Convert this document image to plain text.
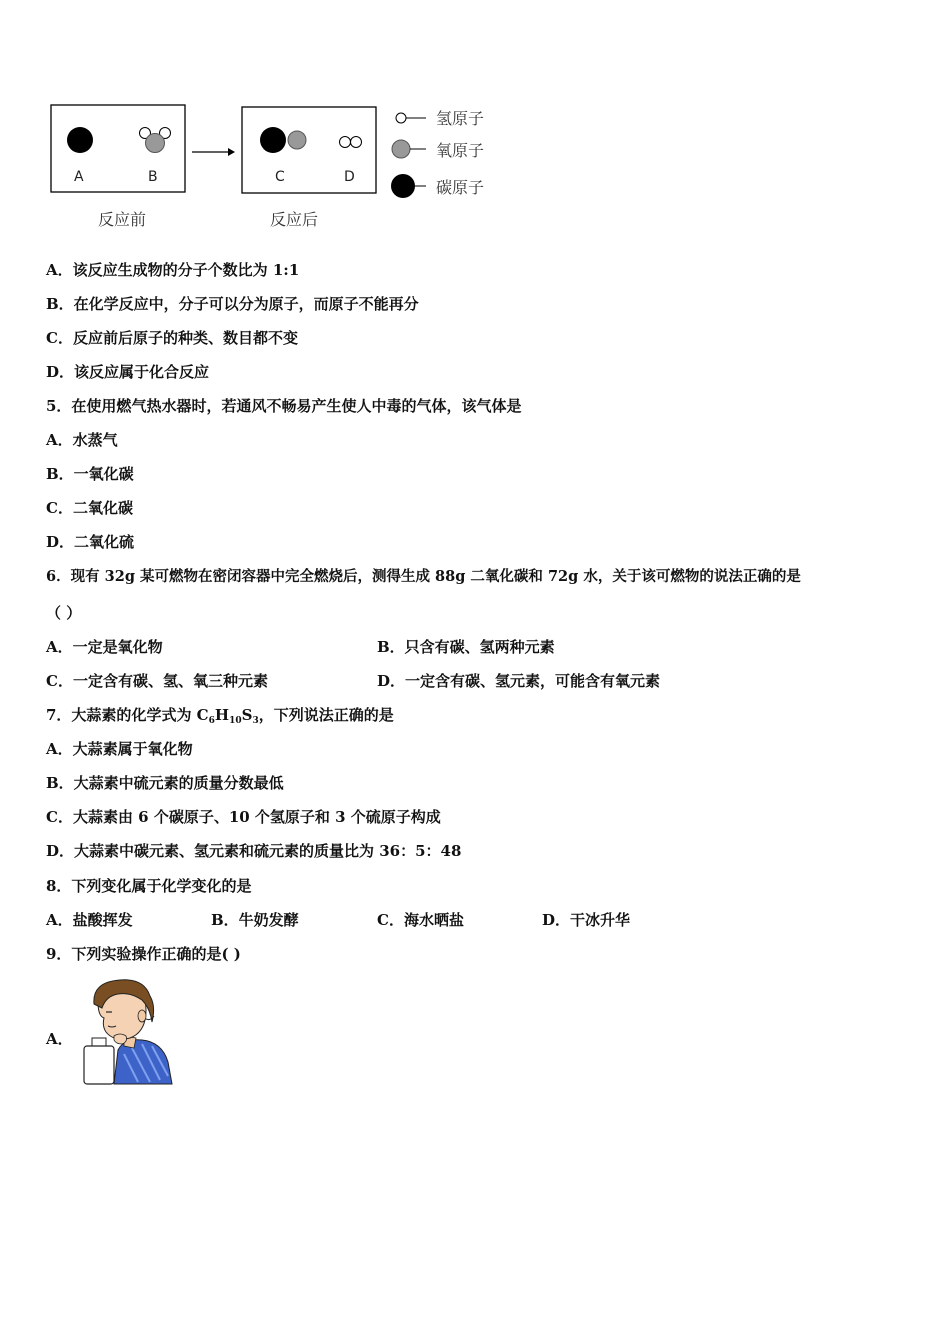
A	B	C	D
反应前	反应后
氢原子
氧原子
碳原子
A．该反应生成物的分子个数比为 1:1
B．在化学反应中，分子可以分为原子，而原子不能再分
C．反应前后原子的种类、数目都不变
D．该反应属于化合反应
5．在使用燃气热水器时，若通风不畅易产生使人中毒的气体，该气体是
A．水蒸气
B．一氧化碳
C．二氧化碳
D．二氧化硫
6．现有 32g 某可燃物在密闭容器中完全燃烧后，测得生成 88g 二氧化碳和 72g 水，关于该可燃物的说法正确的是
（ ）
A．一定是氧化物	B．只含有碳、氢两种元素
C．一定含有碳、氢、氧三种元素	D．一定含有碳、氢元素，可能含有氧元素
7．大蒜素的化学式为 $C_6H_{10}S_3$，下列说法正确的是
A．大蒜素属于氧化物
B．大蒜素中硫元素的质量分数最低
C．大蒜素由 6 个碳原子、10 个氢原子和 3 个硫原子构成
D．大蒜素中碳元素、氢元素和硫元素的质量比为 36：5：48
8．下列变化属于化学变化的是
A．盐酸挥发	B．牛奶发酵	C．海水晒盐	D．干冰升华
9．下列实验操作正确的是( )
A．
